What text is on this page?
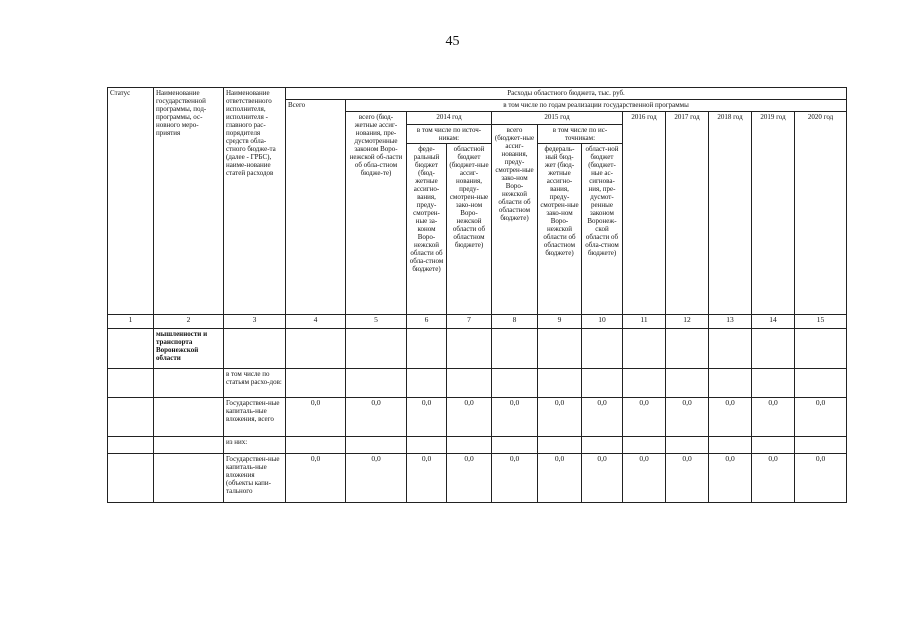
45
Статус	Наименование государственной программы, под-программы, ос-новного меро-приятия	Наименование ответственного исполнителя, исполнителя - главного рас-порядителя средств обла-стного бюдже-та (далее - ГРБС), наиме-нование статей расходов	Расходы областного бюджета, тыс. руб.											
			Всего	в том числе по годам реализации государственной программы										
				всего (бюд-жетные ассиг-нования, пре-дусмотренные законом Воро-нежской об-ласти об обла-стном бюдже-те)	2014 год		2015 год			2016 год	2017 год	2018 год	2019 год	2020 год
					в том числе по источ-никам:		всего (бюджет-ные ассиг-нования, преду-смотрен-ные зако-ном Воро-нежской области об областном бюджете)	в том числе по ис-точникам:						
					феде-ральный бюджет (бюд-жетные ассигно-вания, преду-смотрен-ные за-коном Воро-нежской области об обла-стном бюджете)	областной бюджет (бюджет-ные ассиг-нования, преду-смотрен-ные зако-ном Воро-нежской области об областном бюджете)		федераль-ный бюд-жет (бюд-жетные ассигно-вания, преду-смотрен-ные зако-ном Воро-нежской области об областном бюджете)	област-ной бюджет (бюджет-ные ас-сигнова-ния, пре-дусмот-ренные законом Воронеж-ской области об обла-стном бюджете)					
1	2	3	4	5	6	7	8	9	10	11	12	13	14	15
	мышленности и транспорта Воронежской области													
		в том числе по статьям расхо-дов:												
		Государствен-ные капиталь-ные вложения, всего	0,0	0,0	0,0	0,0	0,0	0,0	0,0	0,0	0,0	0,0	0,0	0,0
		из них:												
		Государствен-ные капиталь-ные вложения (объекты капи-тального	0,0	0,0	0,0	0,0	0,0	0,0	0,0	0,0	0,0	0,0	0,0	0,0
